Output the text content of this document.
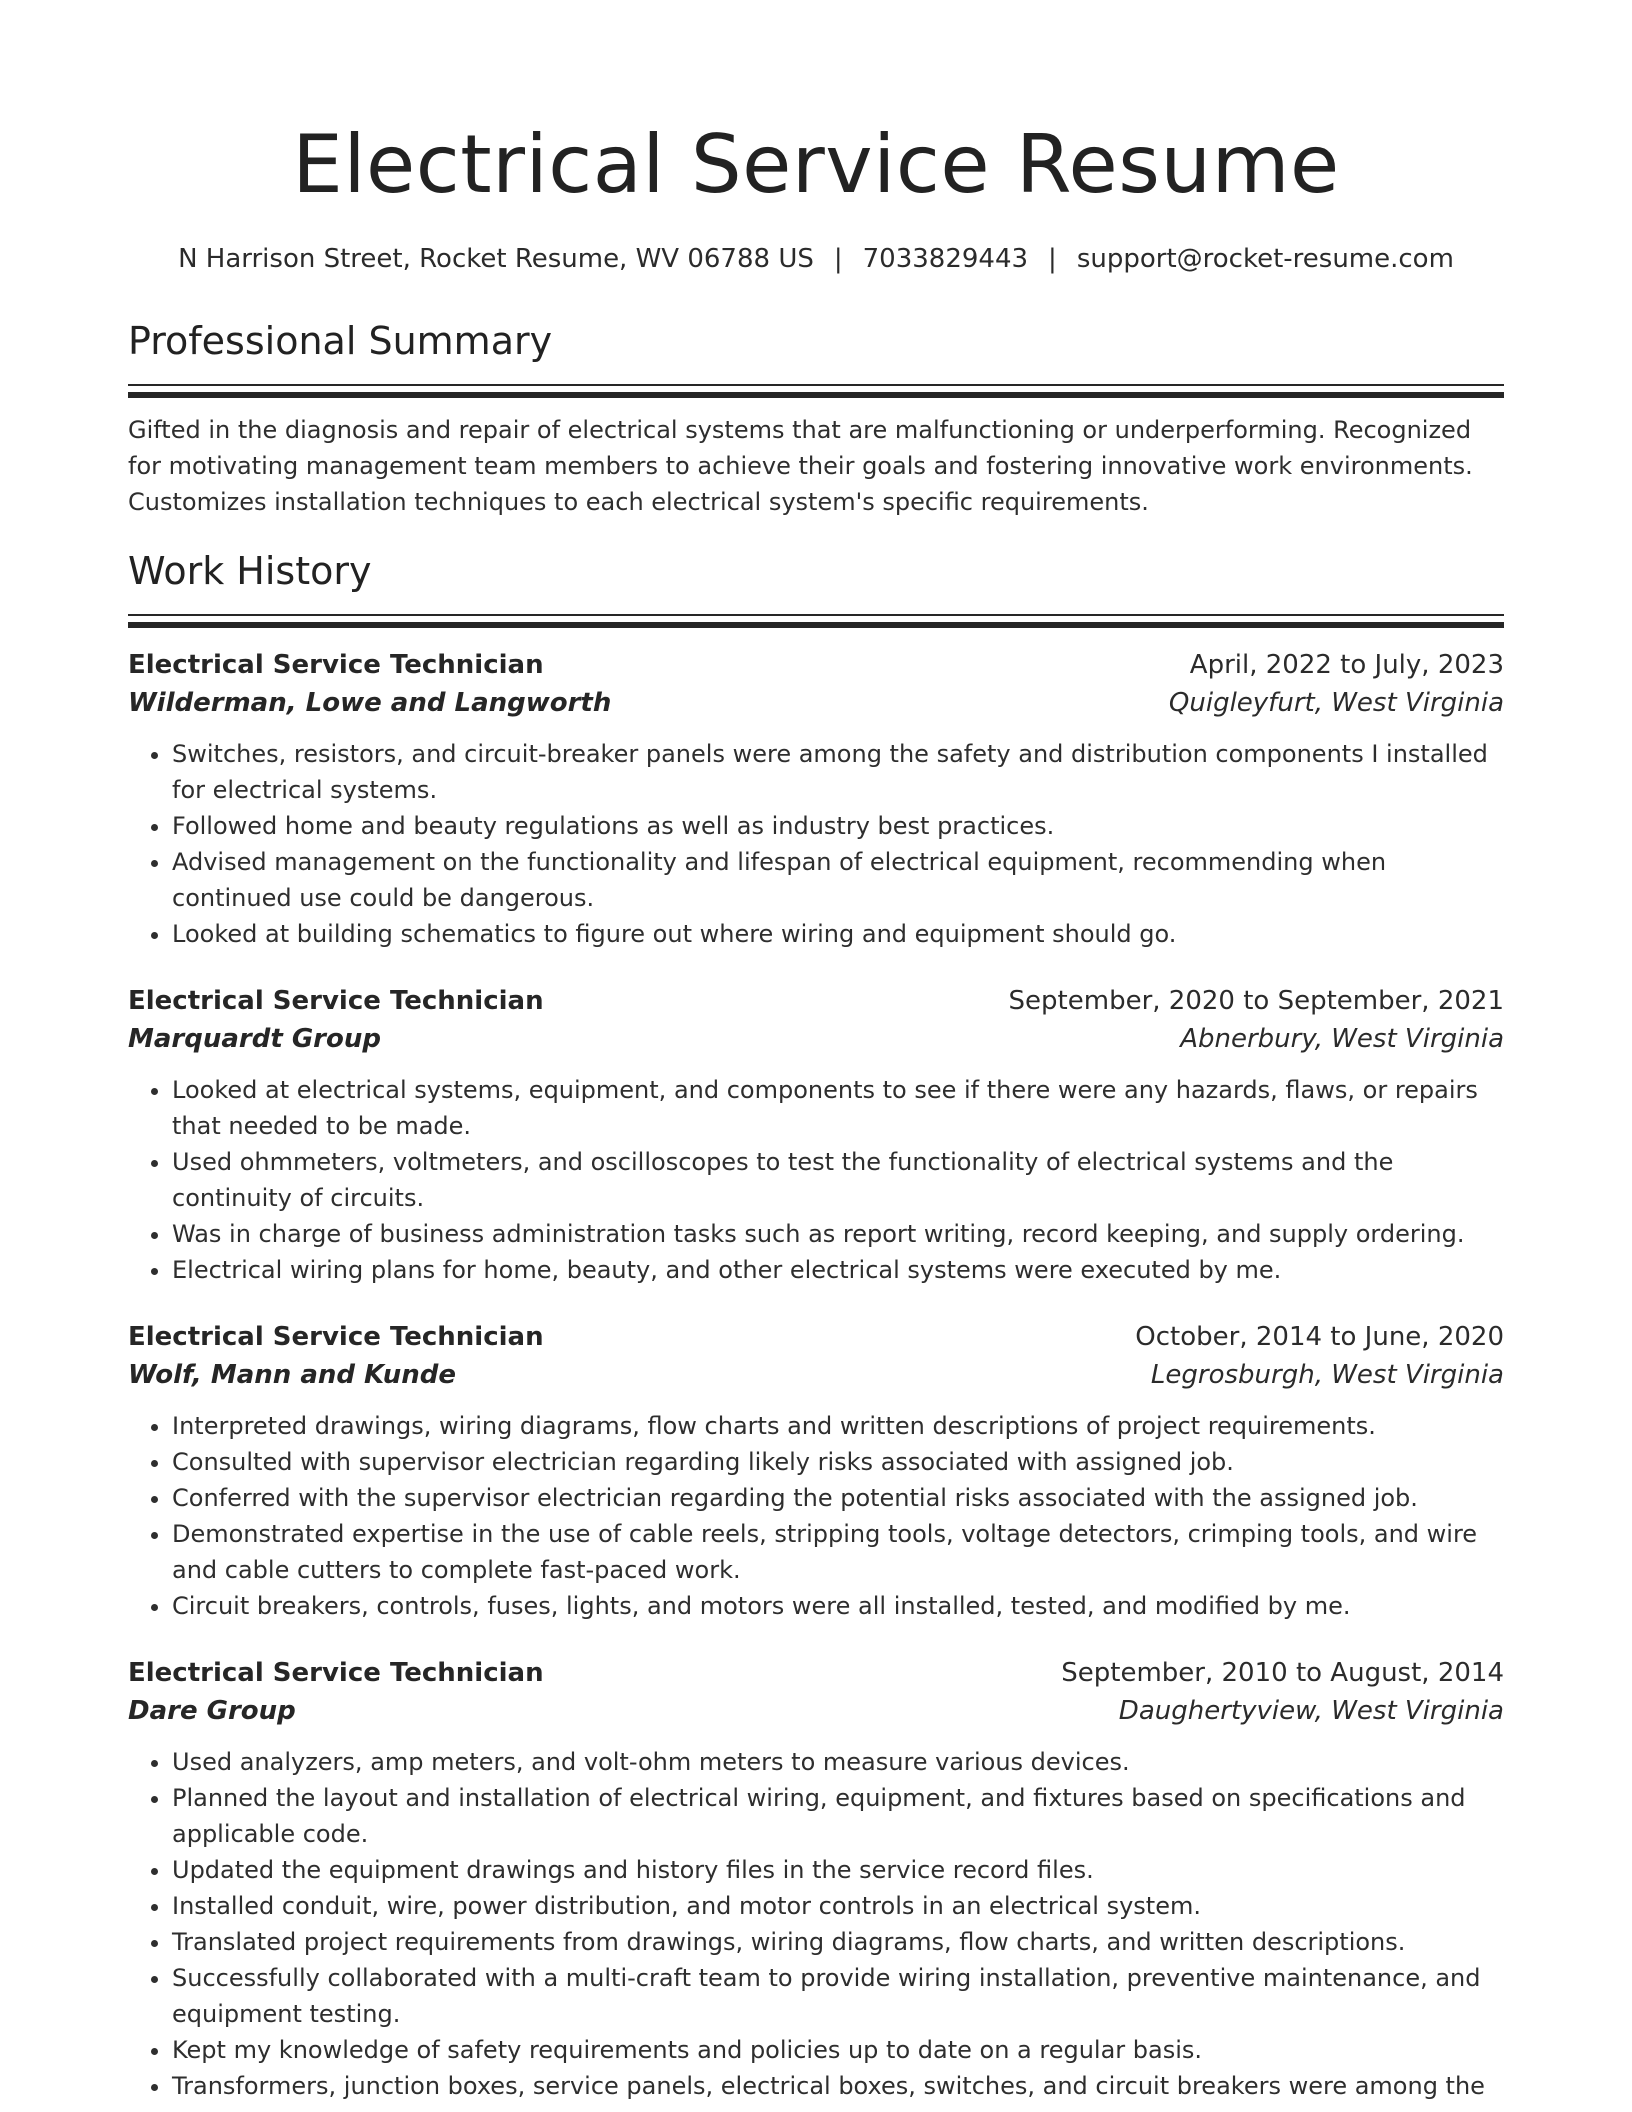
Electrical Service Resume
N Harrison Street, Rocket Resume, WV 06788 US | 7033829443 | support@rocket-resume.com
Professional Summary
Gifted in the diagnosis and repair of electrical systems that are malfunctioning or underperforming. Recognized for motivating management team members to achieve their goals and fostering innovative work environments. Customizes installation techniques to each electrical system's specific requirements.
Work History
Electrical Service Technician	April, 2022 to July, 2023
Wilderman, Lowe and Langworth	Quigleyfurt, West Virginia
• Switches, resistors, and circuit-breaker panels were among the safety and distribution components I installed for electrical systems.
• Followed home and beauty regulations as well as industry best practices.
• Advised management on the functionality and lifespan of electrical equipment, recommending when continued use could be dangerous.
• Looked at building schematics to figure out where wiring and equipment should go.
Electrical Service Technician	September, 2020 to September, 2021
Marquardt Group	Abnerbury, West Virginia
• Looked at electrical systems, equipment, and components to see if there were any hazards, flaws, or repairs that needed to be made.
• Used ohmmeters, voltmeters, and oscilloscopes to test the functionality of electrical systems and the continuity of circuits.
• Was in charge of business administration tasks such as report writing, record keeping, and supply ordering.
• Electrical wiring plans for home, beauty, and other electrical systems were executed by me.
Electrical Service Technician	October, 2014 to June, 2020
Wolf, Mann and Kunde	Legrosburgh, West Virginia
• Interpreted drawings, wiring diagrams, flow charts and written descriptions of project requirements.
• Consulted with supervisor electrician regarding likely risks associated with assigned job.
• Conferred with the supervisor electrician regarding the potential risks associated with the assigned job.
• Demonstrated expertise in the use of cable reels, stripping tools, voltage detectors, crimping tools, and wire and cable cutters to complete fast-paced work.
• Circuit breakers, controls, fuses, lights, and motors were all installed, tested, and modified by me.
Electrical Service Technician	September, 2010 to August, 2014
Dare Group	Daughertyview, West Virginia
• Used analyzers, amp meters, and volt-ohm meters to measure various devices.
• Planned the layout and installation of electrical wiring, equipment, and fixtures based on specifications and applicable code.
• Updated the equipment drawings and history files in the service record files.
• Installed conduit, wire, power distribution, and motor controls in an electrical system.
• Translated project requirements from drawings, wiring diagrams, flow charts, and written descriptions.
• Successfully collaborated with a multi-craft team to provide wiring installation, preventive maintenance, and equipment testing.
• Kept my knowledge of safety requirements and policies up to date on a regular basis.
• Transformers, junction boxes, service panels, electrical boxes, switches, and circuit breakers were among the
